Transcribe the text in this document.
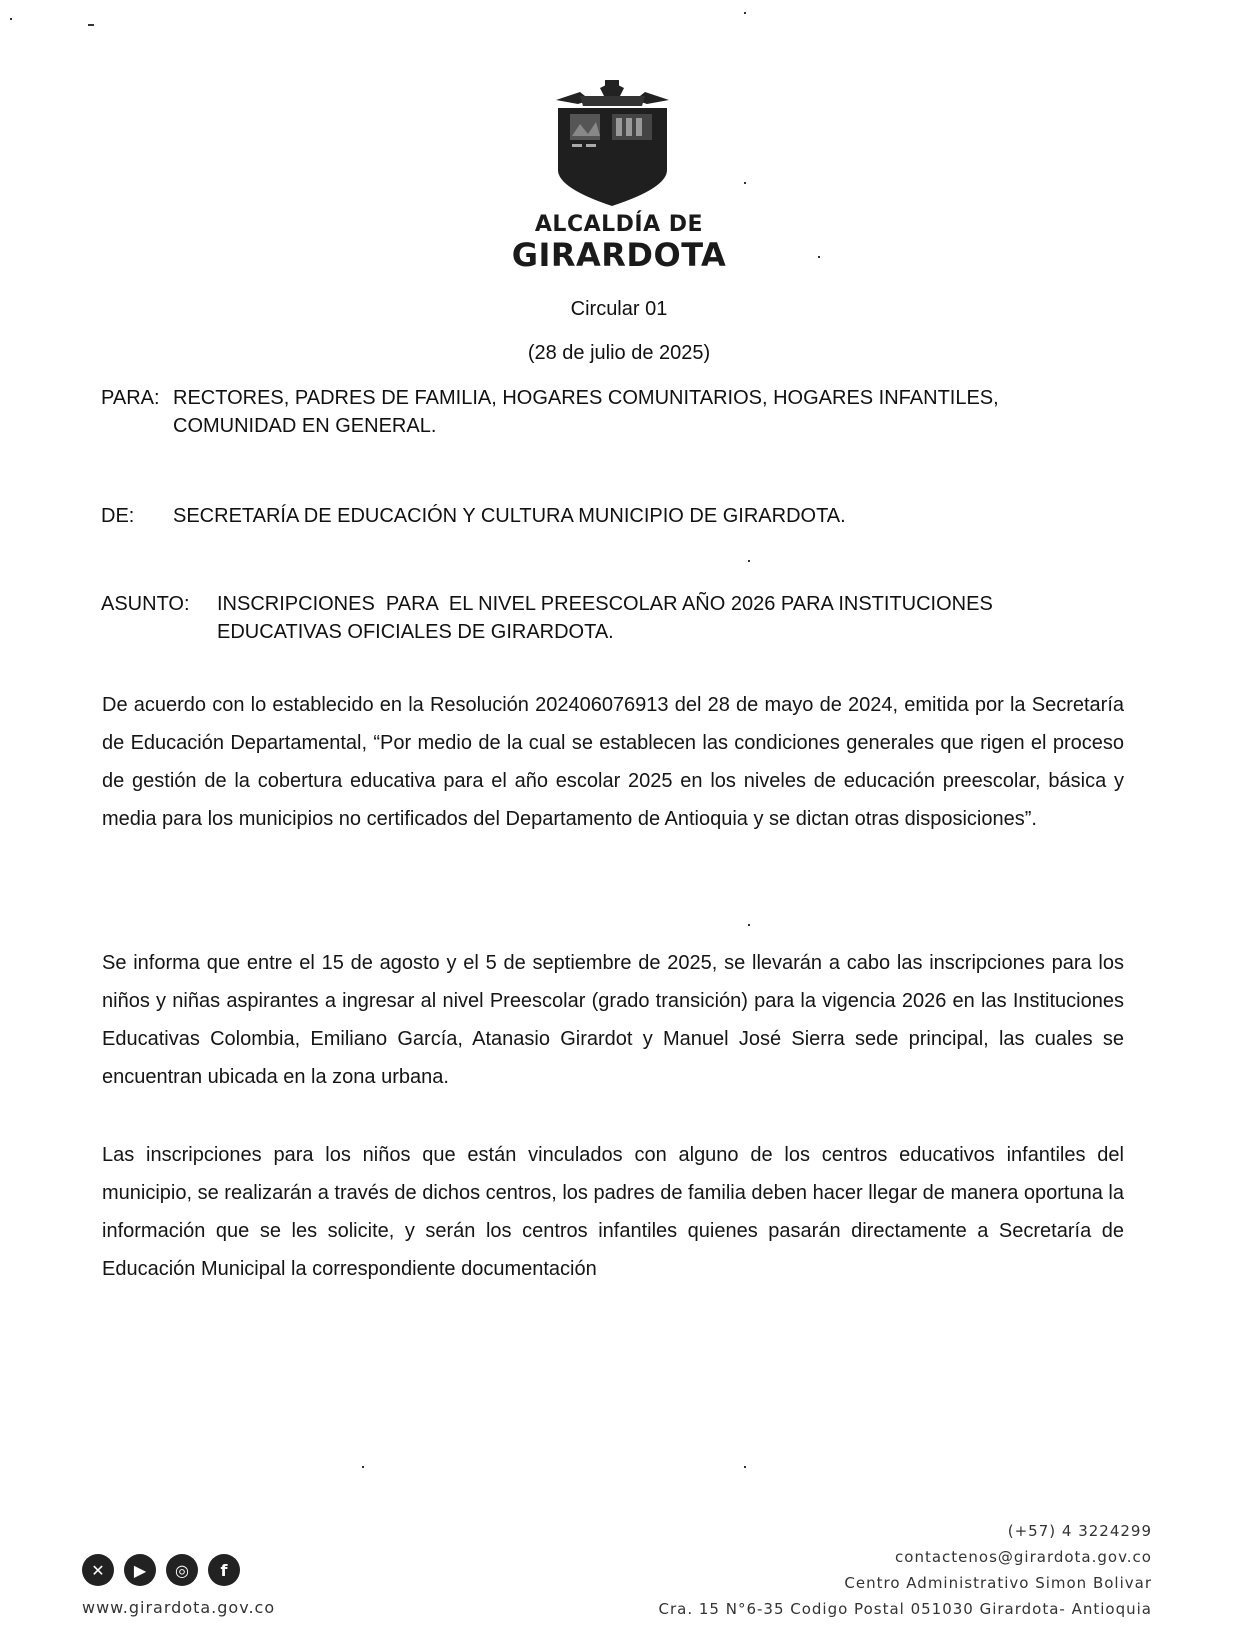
ALCALDÍA DE
GIRARDOTA
Circular 01
(28 de julio de 2025)
PARA: RECTORES, PADRES DE FAMILIA, HOGARES COMUNITARIOS, HOGARES INFANTILES,
COMUNIDAD EN GENERAL.
DE: SECRETARÍA DE EDUCACIÓN Y CULTURA MUNICIPIO DE GIRARDOTA.
ASUNTO: INSCRIPCIONES  PARA  EL NIVEL PREESCOLAR AÑO 2026 PARA INSTITUCIONES
EDUCATIVAS OFICIALES DE GIRARDOTA.

De acuerdo con lo establecido en la Resolución 202406076913 del 28 de mayo de 2024, emitida por la Secretaría de Educación Departamental, “Por medio de la cual se establecen las condiciones generales que rigen el proceso de gestión de la cobertura educativa para el año escolar 2025 en los niveles de educación preescolar, básica y media para los municipios no certificados del Departamento de Antioquia y se dictan otras disposiciones”.

Se informa que entre el 15 de agosto y el 5 de septiembre de 2025, se llevarán a cabo las inscripciones para los niños y niñas aspirantes a ingresar al nivel Preescolar (grado transición) para la vigencia 2026 en las Instituciones Educativas Colombia, Emiliano García, Atanasio Girardot y Manuel José Sierra sede principal, las cuales se encuentran ubicada en la zona urbana.

Las inscripciones para los niños que están vinculados con alguno de los centros educativos infantiles del municipio, se realizarán a través de dichos centros, los padres de familia deben hacer llegar de manera oportuna la información que se les solicite, y serán los centros infantiles quienes pasarán directamente a Secretaría de Educación Municipal la correspondiente documentación

✕	▶	◎	f
www.girardota.gov.co
(+57) 4 3224299
contactenos@girardota.gov.co
Centro Administrativo Simon Bolivar
Cra. 15 N°6-35 Codigo Postal 051030 Girardota- Antioquia
